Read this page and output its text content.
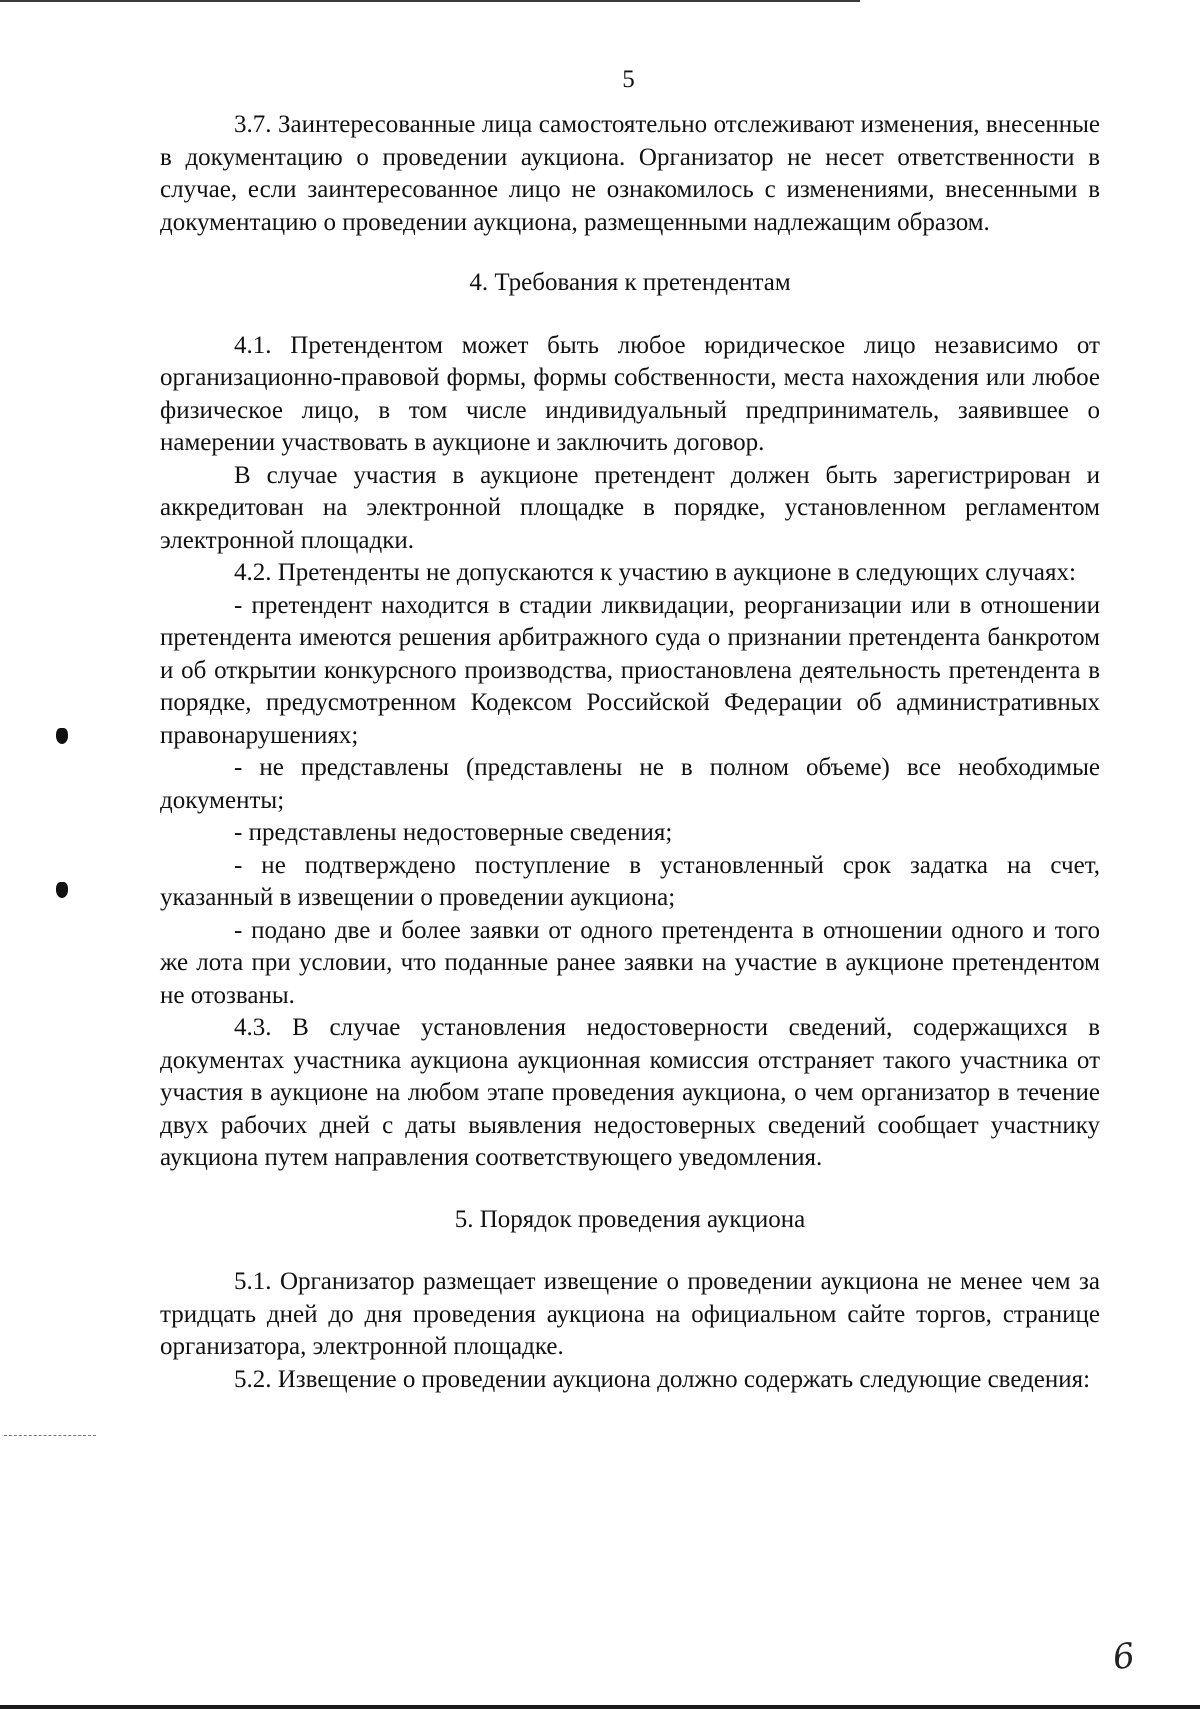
5

3.7. Заинтересованные лица самостоятельно отслеживают изменения, внесенные в документацию о проведении аукциона. Организатор не несет ответственности в случае, если заинтересованное лицо не ознакомилось с изменениями, внесенными в документацию о проведении аукциона, размещенными надлежащим образом.

4. Требования к претендентам

4.1. Претендентом может быть любое юридическое лицо независимо от организационно-правовой формы, формы собственности, места нахождения или любое физическое лицо, в том числе индивидуальный предприниматель, заявившее о намерении участвовать в аукционе и заключить договор.

В случае участия в аукционе претендент должен быть зарегистрирован и аккредитован на электронной площадке в порядке, установленном регламентом электронной площадки.

4.2. Претенденты не допускаются к участию в аукционе в следующих случаях:

- претендент находится в стадии ликвидации, реорганизации или в отношении претендента имеются решения арбитражного суда о признании претендента банкротом и об открытии конкурсного производства, приостановлена деятельность претендента в порядке, предусмотренном Кодексом Российской Федерации об административных правонарушениях;

- не представлены (представлены не в полном объеме) все необходимые документы;

- представлены недостоверные сведения;

- не подтверждено поступление в установленный срок задатка на счет, указанный в извещении о проведении аукциона;

- подано две и более заявки от одного претендента в отношении одного и того же лота при условии, что поданные ранее заявки на участие в аукционе претендентом не отозваны.

4.3. В случае установления недостоверности сведений, содержащихся в документах участника аукциона аукционная комиссия отстраняет такого участника от участия в аукционе на любом этапе проведения аукциона, о чем организатор в течение двух рабочих дней с даты выявления недостоверных сведений сообщает участнику аукциона путем направления соответствующего уведомления.

5. Порядок проведения аукциона

5.1. Организатор размещает извещение о проведении аукциона не менее чем за тридцать дней до дня проведения аукциона на официальном сайте торгов, странице организатора, электронной площадке.

5.2. Извещение о проведении аукциона должно содержать следующие сведения:

6
